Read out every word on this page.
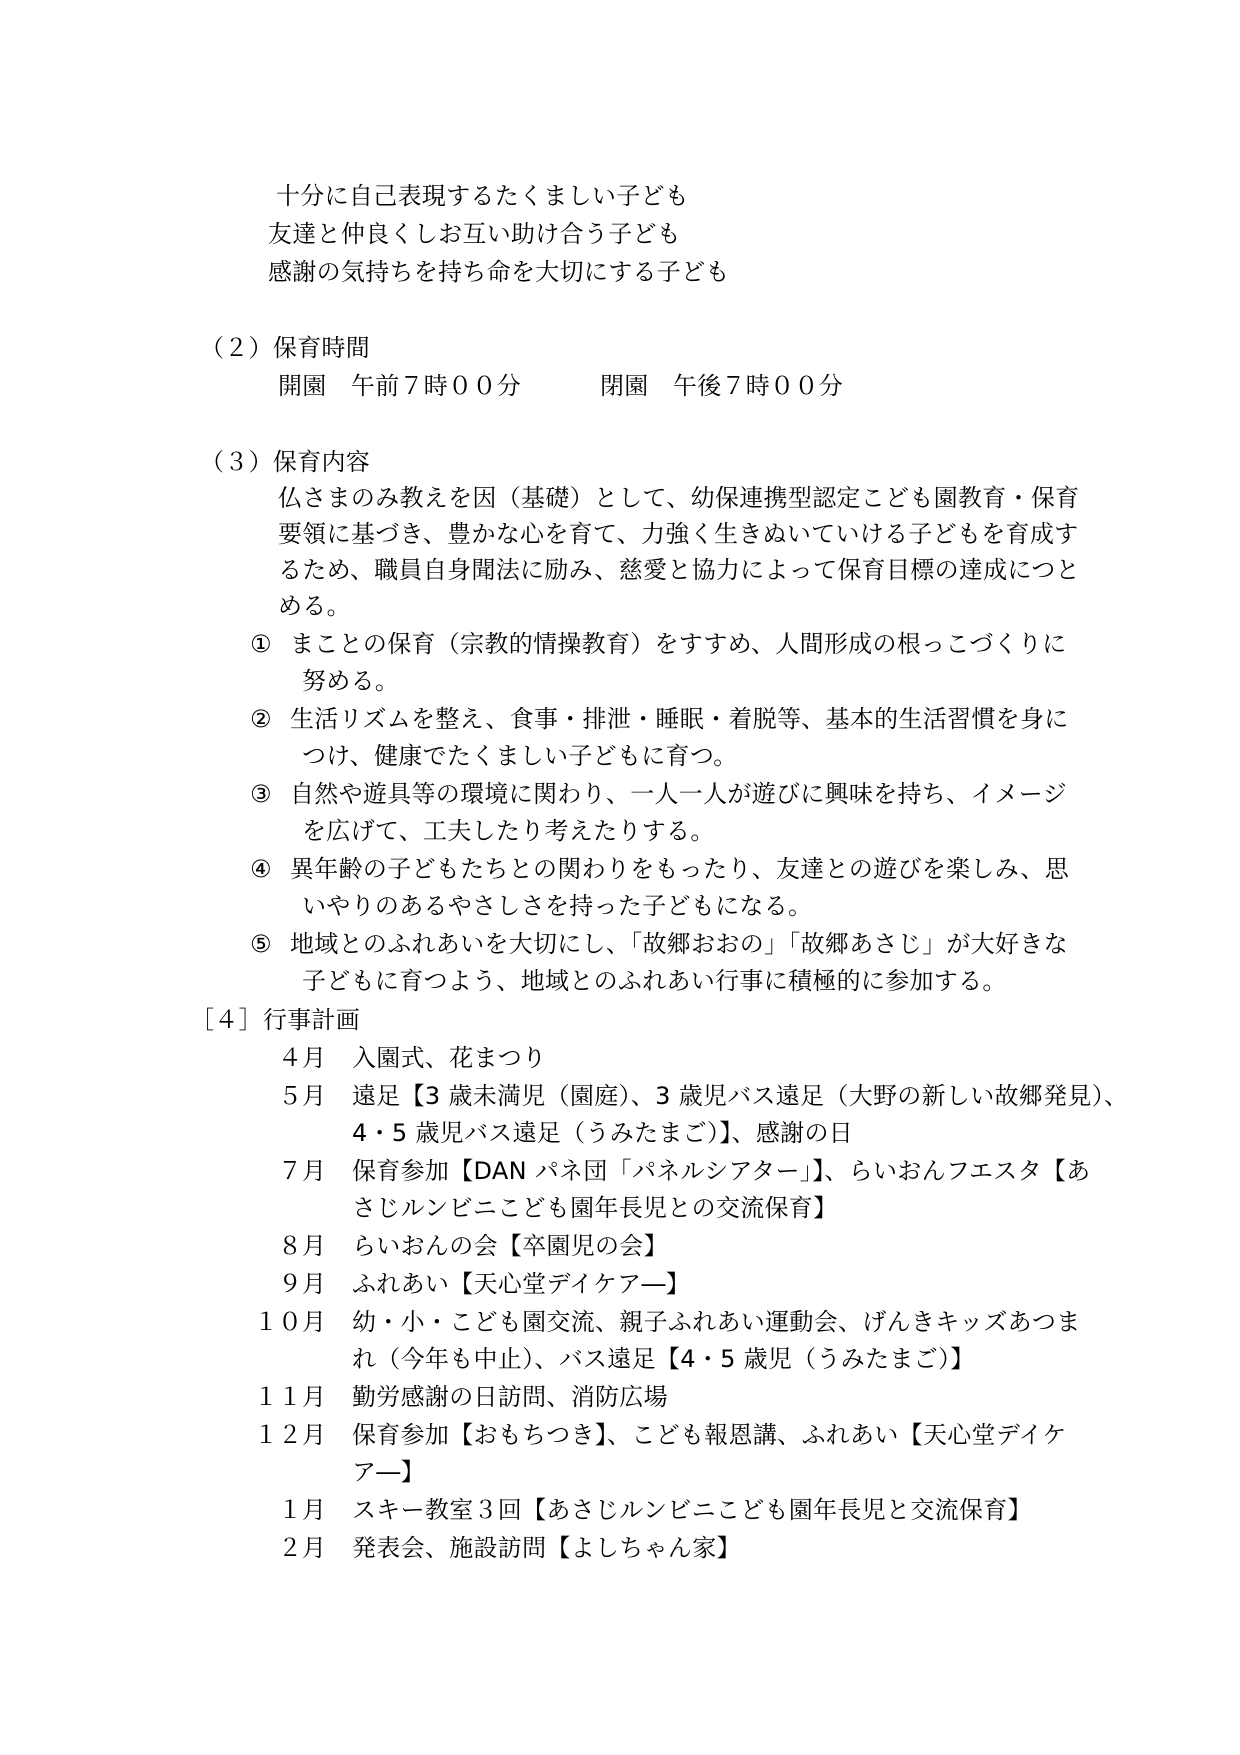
十分に自己表現するたくましい子ども
友達と仲良くしお互い助け合う子ども
感謝の気持ちを持ち命を大切にする子ども
（２）保育時間
開園　午前７時００分	閉園　午後７時００分
（３）保育内容
仏さまのみ教えを因（基礎）として、幼保連携型認定こども園教育・保育
要領に基づき、豊かな心を育て、力強く生きぬいていける子どもを育成す
るため、職員自身聞法に励み、慈愛と協力によって保育目標の達成につと
める。
① まことの保育（宗教的情操教育）をすすめ、人間形成の根っこづくりに
努める。
② 生活リズムを整え、食事・排泄・睡眠・着脱等、基本的生活習慣を身に
つけ、健康でたくましい子どもに育つ。
③ 自然や遊具等の環境に関わり、一人一人が遊びに興味を持ち、イメージ
を広げて、工夫したり考えたりする。
④ 異年齢の子どもたちとの関わりをもったり、友達との遊びを楽しみ、思
いやりのあるやさしさを持った子どもになる。
⑤ 地域とのふれあいを大切にし、「故郷おおの」「故郷あさじ」が大好きな
子どもに育つよう、地域とのふれあい行事に積極的に参加する。
［４］行事計画
４月 入園式、花まつり
５月 遠足【3 歳未満児（園庭）、3 歳児バス遠足（大野の新しい故郷発見）、
4・5 歳児バス遠足（うみたまご）】、感謝の日
７月 保育参加【DAN パネ団「パネルシアター」】、らいおんフエスタ【あ
さじルンビニこども園年長児との交流保育】
８月 らいおんの会【卒園児の会】
９月 ふれあい【天心堂デイケア―】
１０月 幼・小・こども園交流、親子ふれあい運動会、げんきキッズあつま
れ（今年も中止）、バス遠足【4・5 歳児（うみたまご）】
１１月 勤労感謝の日訪問、消防広場
１２月 保育参加【おもちつき】、こども報恩講、ふれあい【天心堂デイケ
ア―】
１月 スキー教室３回【あさじルンビニこども園年長児と交流保育】
２月 発表会、施設訪問【よしちゃん家】
